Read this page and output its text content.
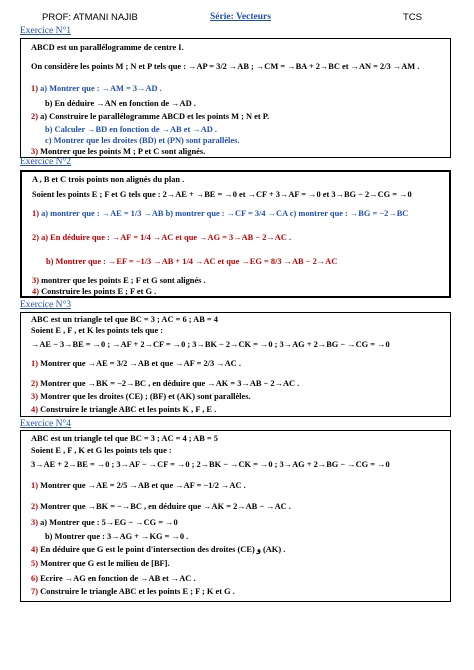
PROF: ATMANI NAJIB	Série: Vecteurs	TCS
Exercice N°1
ABCD est un parallélogramme de centre I.
On considère les points M ; N et P tels que : →AP = 3/2 →AB ; →CM = →BA + 2→BC et →AN = 2/3 →AM .
1) a) Montrer que : →AM = 3→AD .
b) En déduire →AN en fonction de →AD .
2) a) Construire le parallélogramme ABCD et les points M ; N et P.
b) Calculer →BD en fonction de →AB et →AD .
c) Montrer que les droites (BD) et (PN) sont parallèles.
3) Montrer que les points M ; P et C sont alignés.
Exercice N°2
A , B et C trois points non alignés du plan .
Soient les points E ; F et G tels que : 2→AE + →BE = →0 et →CF + 3→AF = →0 et 3→BG − 2→CG = →0
1) a) montrer que : →AE = 1/3 →AB b) montrer que : →CF = 3/4 →CA c) montrer que : →BG = −2→BC
2) a) En déduire que : →AF = 1/4 →AC et que →AG = 3→AB − 2→AC .
b) Montrer que : →EF = −1/3 →AB + 1/4 →AC et que →EG = 8/3 →AB − 2→AC
3) montrer que les points E ; F et G sont alignés .
4) Construire les points E ; F et G .
Exercice N°3
ABC est un triangle tel que BC = 3 ; AC = 6 ; AB = 4
Soient E , F , et K les points tels que :
→AE − 3→BE = →0 ; →AF + 2→CF = →0 ; 3→BK − 2→CK = →0 ; 3→AG + 2→BG − →CG = →0
1) Montrer que →AE = 3/2 →AB et que →AF = 2/3 →AC .
2) Montrer que →BK = −2→BC , en déduire que →AK = 3→AB − 2→AC .
3) Montrer que les droites (CE) ; (BF) et (AK) sont parallèles.
4) Construire le triangle ABC et les points K , F , E .
Exercice N°4
ABC est un triangle tel que BC = 3 ; AC = 4 ; AB = 5
Soient E , F , K et G les points tels que :
3→AE + 2→BE = →0 ; 3→AF − →CF = →0 ; 2→BK − →CK = →0 ; 3→AG + 2→BG − →CG = →0
1) Montrer que →AE = 2/5 →AB et que →AF = −1/2 →AC .
2) Montrer que →BK = −→BC , en déduire que →AK = 2→AB − →AC .
3) a) Montrer que : 5→EG − →CG = →0
b) Montrer que : 3→AG + →KG = →0 .
4) En déduire que G est le point d'intersection des droites (CE) و (AK) .
5) Montrer que G est le milieu de [BF].
6) Ecrire →AG en fonction de →AB et →AC .
7) Construire le triangle ABC et les points E ; F ; K et G .
